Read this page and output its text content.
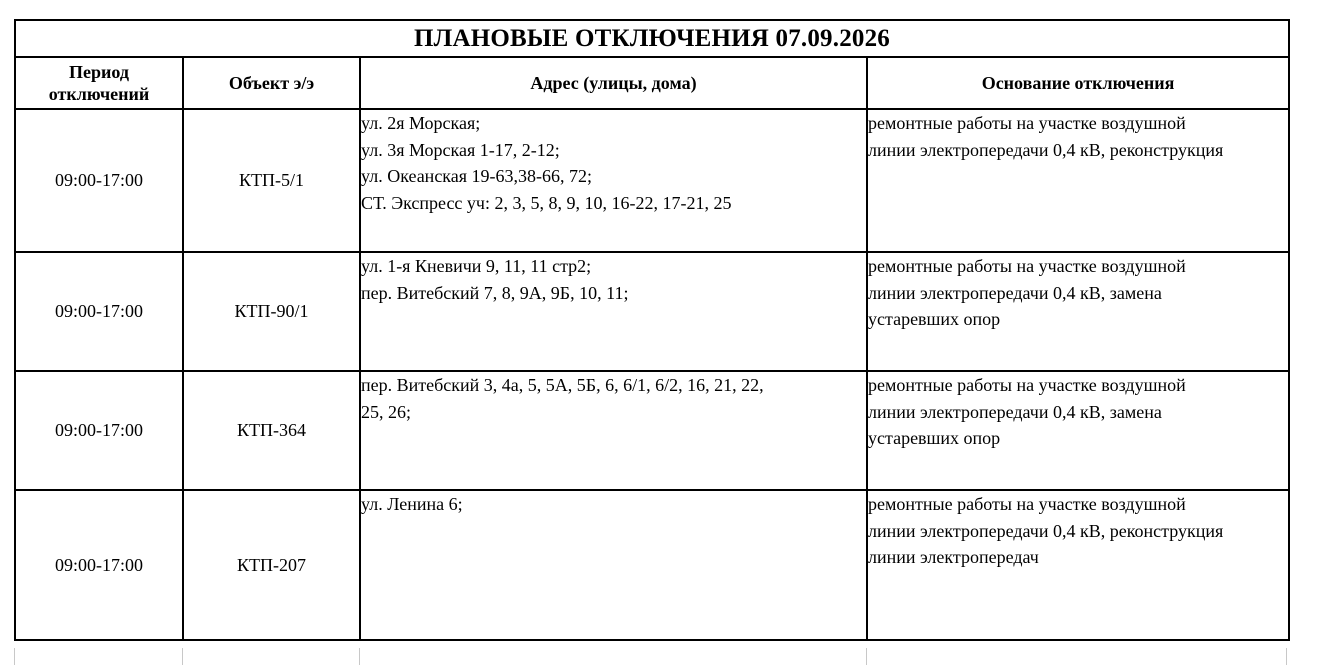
ПЛАНОВЫЕ ОТКЛЮЧЕНИЯ 07.09.2026			

Период
отключений	Объект э/э	Адрес (улицы, дома)	Основание отключения
09:00-17:00	КТП-5/1	ул. 2я Морская;
ул. 3я Морская 1-17, 2-12;
ул. Океанская 19-63,38-66, 72;
СТ. Экспресс уч: 2, 3, 5, 8, 9, 10, 16-22, 17-21, 25	ремонтные работы на участке воздушной
линии электропередачи 0,4 кВ, реконструкция

09:00-17:00	КТП-90/1	ул. 1-я Кневичи 9, 11, 11 стр2;
пер. Витебский 7, 8, 9А, 9Б, 10, 11;	ремонтные работы на участке воздушной
линии электропередачи 0,4 кВ, замена
устаревших опор

09:00-17:00	КТП-364	пер. Витебский 3, 4а, 5, 5А, 5Б, 6, 6/1, 6/2, 16, 21, 22,
25, 26;	ремонтные работы на участке воздушной
линии электропередачи 0,4 кВ, замена
устаревших опор

09:00-17:00	КТП-207	ул. Ленина 6;	ремонтные работы на участке воздушной
линии электропередачи 0,4 кВ, реконструкция
линии электропередач
